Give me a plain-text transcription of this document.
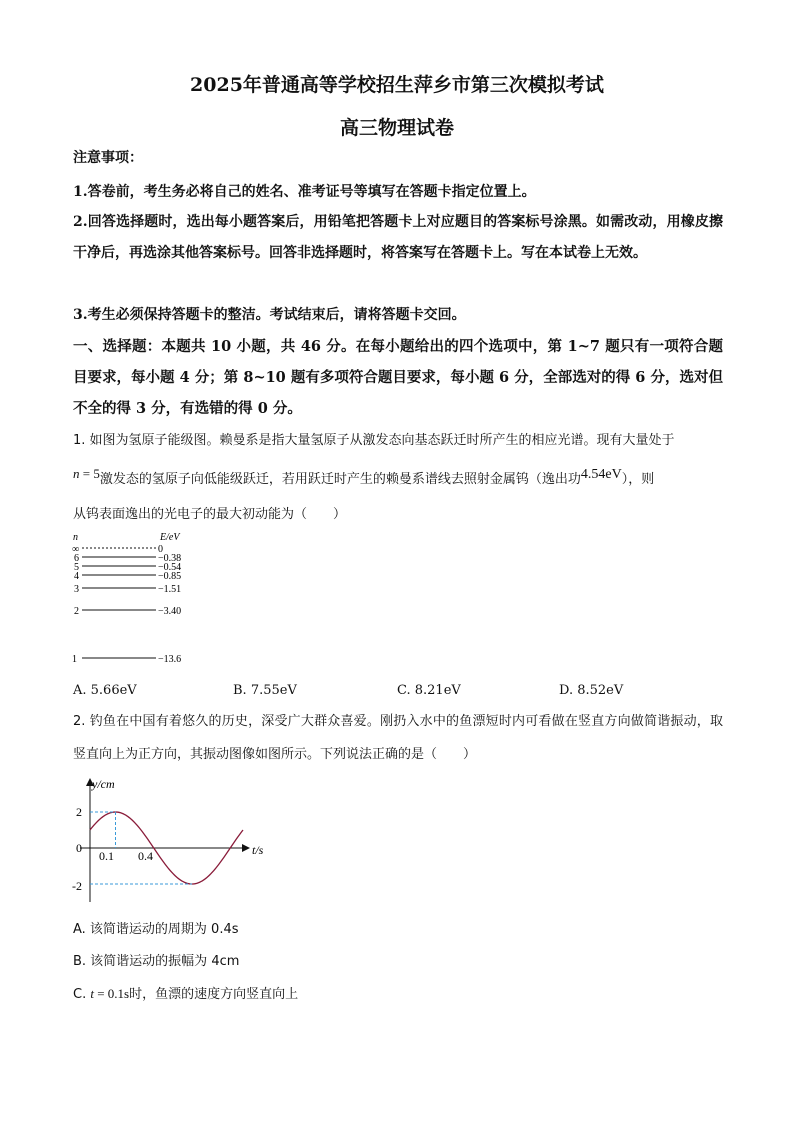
2025年普通高等学校招生萍乡市第三次模拟考试
高三物理试卷
注意事项：
1.答卷前，考生务必将自己的姓名、准考证号等填写在答题卡指定位置上。
2.回答选择题时，选出每小题答案后，用铅笔把答题卡上对应题目的答案标号涂黑。如需改动，用橡皮擦干净后，再选涂其他答案标号。回答非选择题时，将答案写在答题卡上。写在本试卷上无效。
3.考生必须保持答题卡的整洁。考试结束后，请将答题卡交回。
一、选择题：本题共 10 小题，共 46 分。在每小题给出的四个选项中，第 1~7 题只有一项符合题目要求，每小题 4 分；第 8~10 题有多项符合题目要求，每小题 6 分，全部选对的得 6 分，选对但不全的得 3 分，有选错的得 0 分。
1. 如图为氢原子能级图。赖曼系是指大量氢原子从激发态向基态跃迁时所产生的相应光谱。现有大量处于
n = 5激发态的氢原子向低能级跃迁，若用跃迁时产生的赖曼系谱线去照射金属钨（逸出功4.54eV），则
从钨表面逸出的光电子的最大初动能为（　　）
n	E/eV
∞	0
6	−0.38
5	−0.54
4	−0.85
3	−1.51
2	−3.40
1	−13.6
A. 5.66eV	B. 7.55eV	C. 8.21eV	D. 8.52eV
2. 钓鱼在中国有着悠久的历史，深受广大群众喜爱。刚扔入水中的鱼漂短时内可看做在竖直方向做简谐振动，取竖直向上为正方向，其振动图像如图所示。下列说法正确的是（　　）
y/cm
t/s
2
0
-2
0.1 0.4
A. 该简谐运动的周期为 0.4s
B. 该简谐运动的振幅为 4cm
C. t = 0.1s时，鱼漂的速度方向竖直向上
